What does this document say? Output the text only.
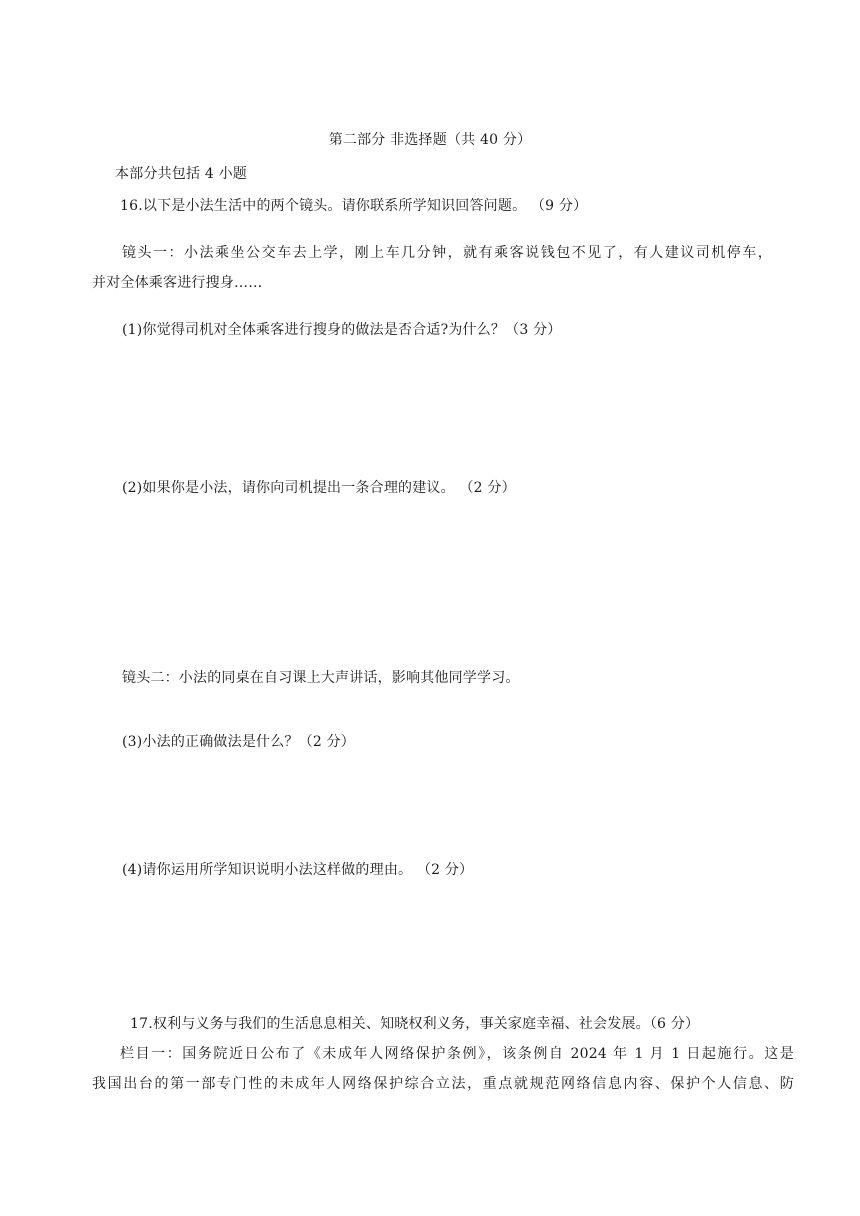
第二部分 非选择题（共 40 分）
本部分共包括 4 小题
16.以下是小法生活中的两个镜头。请你联系所学知识回答问题。 （9 分）
镜头一：小法乘坐公交车去上学，刚上车几分钟，就有乘客说钱包不见了，有人建议司机停车，
并对全体乘客进行搜身……
(1)你觉得司机对全体乘客进行搜身的做法是否合适?为什么？（3 分）
(2)如果你是小法，请你向司机提出一条合理的建议。 （2 分）
镜头二：小法的同桌在自习课上大声讲话，影响其他同学学习。
(3)小法的正确做法是什么？（2 分）
(4)请你运用所学知识说明小法这样做的理由。 （2 分）
17.权利与义务与我们的生活息息相关、知晓权利义务，事关家庭幸福、社会发展。（6 分）
栏目一：国务院近日公布了《未成年人网络保护条例》，该条例自 2024 年 1 月 1 日起施行。这是
我国出台的第一部专门性的未成年人网络保护综合立法，重点就规范网络信息内容、保护个人信息、防
